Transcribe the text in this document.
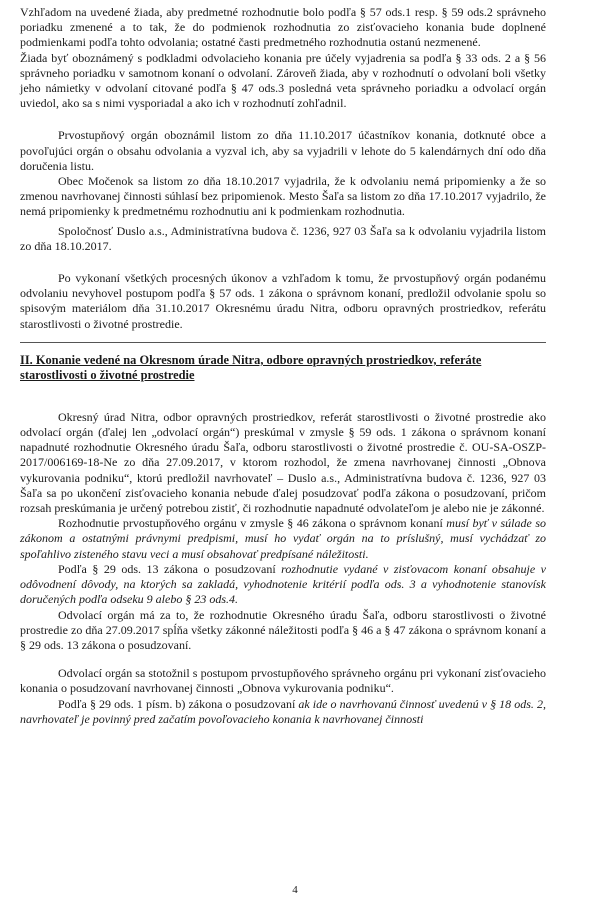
Vzhľadom na uvedené žiada, aby predmetné rozhodnutie bolo podľa § 57 ods.1 resp. § 59 ods.2 správneho poriadku zmenené a to tak, že do podmienok rozhodnutia zo zisťovacieho konania bude doplnené podmienkami podľa tohto odvolania; ostatné časti predmetného rozhodnutia ostanú nezmenené.

Žiada byť oboznámený s podkladmi odvolacieho konania pre účely vyjadrenia sa podľa § 33 ods. 2 a § 56 správneho poriadku v samotnom konaní o odvolaní. Zároveň žiada, aby v rozhodnutí o odvolaní boli všetky jeho námietky v odvolaní citované podľa § 47 ods.3 posledná veta správneho poriadku a odvolací orgán uviedol, ako sa s nimi vysporiadal a ako ich v rozhodnutí zohľadnil.

Prvostupňový orgán oboznámil listom zo dňa 11.10.2017 účastníkov konania, dotknuté obce a povoľujúci orgán o obsahu odvolania a vyzval ich, aby sa vyjadrili v lehote do 5 kalendárnych dní odo dňa doručenia listu.

Obec Močenok sa listom zo dňa 18.10.2017 vyjadrila, že k odvolaniu nemá pripomienky a že so zmenou navrhovanej činnosti súhlasí bez pripomienok. Mesto Šaľa sa listom zo dňa 17.10.2017 vyjadrilo, že nemá pripomienky k predmetnému rozhodnutiu ani k podmienkam rozhodnutia.

Spoločnosť Duslo a.s., Administratívna budova č. 1236, 927 03 Šaľa sa k odvolaniu vyjadrila listom zo dňa 18.10.2017.

Po vykonaní všetkých procesných úkonov a vzhľadom k tomu, že prvostupňový orgán podanému odvolaniu nevyhovel postupom podľa § 57 ods. 1 zákona o správnom konaní, predložil odvolanie spolu so spisovým materiálom dňa 31.10.2017 Okresnému úradu Nitra, odboru opravných prostriedkov, referátu starostlivosti o životné prostredie.

II. Konanie vedené na Okresnom úrade Nitra, odbore opravných prostriedkov, referáte starostlivosti o životné prostredie

Okresný úrad Nitra, odbor opravných prostriedkov, referát starostlivosti o životné prostredie ako odvolací orgán (ďalej len „odvolací orgán“) preskúmal v zmysle § 59 ods. 1 zákona o správnom konaní napadnuté rozhodnutie Okresného úradu Šaľa, odboru starostlivosti o životné prostredie č. OU-SA-OSZP-2017/006169-18-Ne zo dňa 27.09.2017, v ktorom rozhodol, že zmena navrhovanej činnosti „Obnova vykurovania podniku“, ktorú predložil navrhovateľ – Duslo a.s., Administratívna budova č. 1236, 927 03 Šaľa sa po ukončení zisťovacieho konania nebude ďalej posudzovať podľa zákona o posudzovaní, pričom rozsah preskúmania je určený potrebou zistiť, či rozhodnutie napadnuté odvolateľom je alebo nie je zákonné.

Rozhodnutie prvostupňového orgánu v zmysle § 46 zákona o správnom konaní musí byť v súlade so zákonom a ostatnými právnymi predpismi, musí ho vydať orgán na to príslušný, musí vychádzať zo spoľahlivo zisteného stavu veci a musí obsahovať predpísané náležitosti.

Podľa § 29 ods. 13 zákona o posudzovaní rozhodnutie vydané v zisťovacom konaní obsahuje v odôvodnení dôvody, na ktorých sa zakladá, vyhodnotenie kritérií podľa ods. 3 a vyhodnotenie stanovísk doručených podľa odseku 9 alebo § 23 ods.4.

Odvolací orgán má za to, že rozhodnutie Okresného úradu Šaľa, odboru starostlivosti o životné prostredie zo dňa 27.09.2017 spĺňa všetky zákonné náležitosti podľa § 46 a § 47 zákona o správnom konaní a § 29 ods. 13 zákona o posudzovaní.

Odvolací orgán sa stotožnil s postupom prvostupňového správneho orgánu pri vykonaní zisťovacieho konania o posudzovaní navrhovanej činnosti „Obnova vykurovania podniku“.

Podľa § 29 ods. 1 písm. b) zákona o posudzovaní ak ide o navrhovanú činnosť uvedenú v § 18 ods. 2, navrhovateľ je povinný pred začatím povoľovacieho konania k navrhovanej činnosti

4
